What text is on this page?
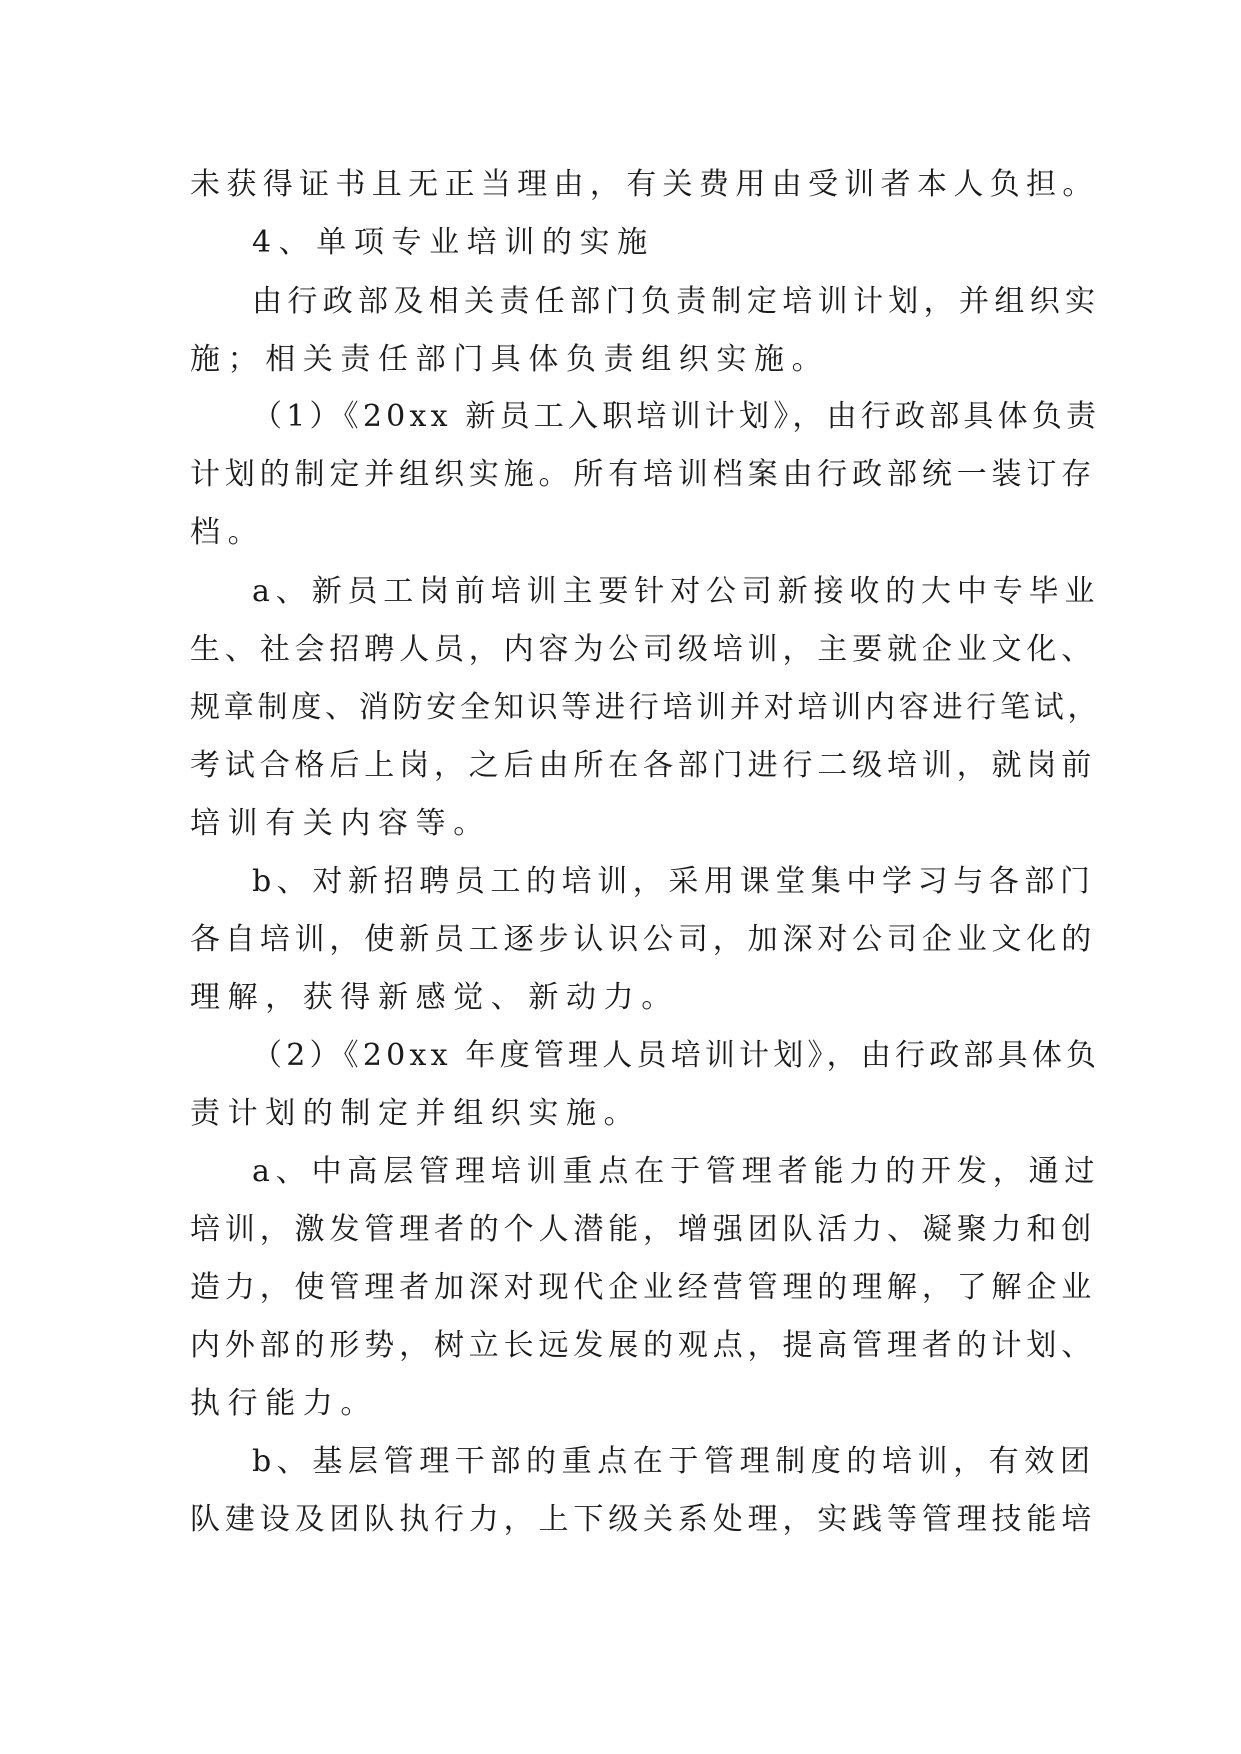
未获得证书且无正当理由，有关费用由受训者本人负担。
4、单项专业培训的实施
由行政部及相关责任部门负责制定培训计划，并组织实
施；相关责任部门具体负责组织实施。
（1）《20xx 新员工入职培训计划》，由行政部具体负责
计划的制定并组织实施。所有培训档案由行政部统一装订存
档。
a、新员工岗前培训主要针对公司新接收的大中专毕业
生、社会招聘人员，内容为公司级培训，主要就企业文化、
规章制度、消防安全知识等进行培训并对培训内容进行笔试，
考试合格后上岗，之后由所在各部门进行二级培训，就岗前
培训有关内容等。
b、对新招聘员工的培训，采用课堂集中学习与各部门
各自培训，使新员工逐步认识公司，加深对公司企业文化的
理解，获得新感觉、新动力。
（2）《20xx 年度管理人员培训计划》，由行政部具体负
责计划的制定并组织实施。
a、中高层管理培训重点在于管理者能力的开发，通过
培训，激发管理者的个人潜能，增强团队活力、凝聚力和创
造力，使管理者加深对现代企业经营管理的理解，了解企业
内外部的形势，树立长远发展的观点，提高管理者的计划、
执行能力。
b、基层管理干部的重点在于管理制度的培训，有效团
队建设及团队执行力，上下级关系处理，实践等管理技能培
